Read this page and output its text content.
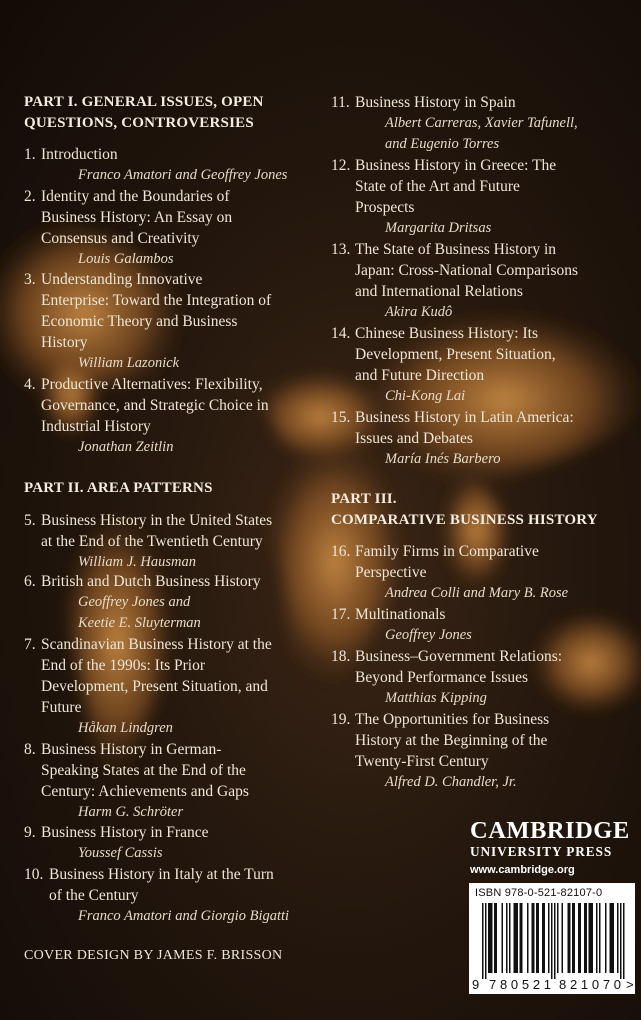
PART I. GENERAL ISSUES, OPEN
QUESTIONS, CONTROVERSIES
1. Introduction
Franco Amatori and Geoffrey Jones
2. Identity and the Boundaries of
Business History: An Essay on
Consensus and Creativity
Louis Galambos
3. Understanding Innovative
Enterprise: Toward the Integration of
Economic Theory and Business
History
William Lazonick
4. Productive Alternatives: Flexibility,
Governance, and Strategic Choice in
Industrial History
Jonathan Zeitlin
PART II. AREA PATTERNS
5. Business History in the United States
at the End of the Twentieth Century
William J. Hausman
6. British and Dutch Business History
Geoffrey Jones and
Keetie E. Sluyterman
7. Scandinavian Business History at the
End of the 1990s: Its Prior
Development, Present Situation, and
Future
Håkan Lindgren
8. Business History in German-
Speaking States at the End of the
Century: Achievements and Gaps
Harm G. Schröter
9. Business History in France
Youssef Cassis
10. Business History in Italy at the Turn
of the Century
Franco Amatori and Giorgio Bigatti
11. Business History in Spain
Albert Carreras, Xavier Tafunell,
and Eugenio Torres
12. Business History in Greece: The
State of the Art and Future
Prospects
Margarita Dritsas
13. The State of Business History in
Japan: Cross-National Comparisons
and International Relations
Akira Kudô
14. Chinese Business History: Its
Development, Present Situation,
and Future Direction
Chi-Kong Lai
15. Business History in Latin America:
Issues and Debates
María Inés Barbero
PART III.
COMPARATIVE BUSINESS HISTORY
16. Family Firms in Comparative
Perspective
Andrea Colli and Mary B. Rose
17. Multinationals
Geoffrey Jones
18. Business–Government Relations:
Beyond Performance Issues
Matthias Kipping
19. The Opportunities for Business
History at the Beginning of the
Twenty-First Century
Alfred D. Chandler, Jr.
COVER DESIGN BY JAMES F. BRISSON
CAMBRIDGE
UNIVERSITY PRESS
www.cambridge.org
9 780521 821070 >
ISBN 978-0-521-82107-0
